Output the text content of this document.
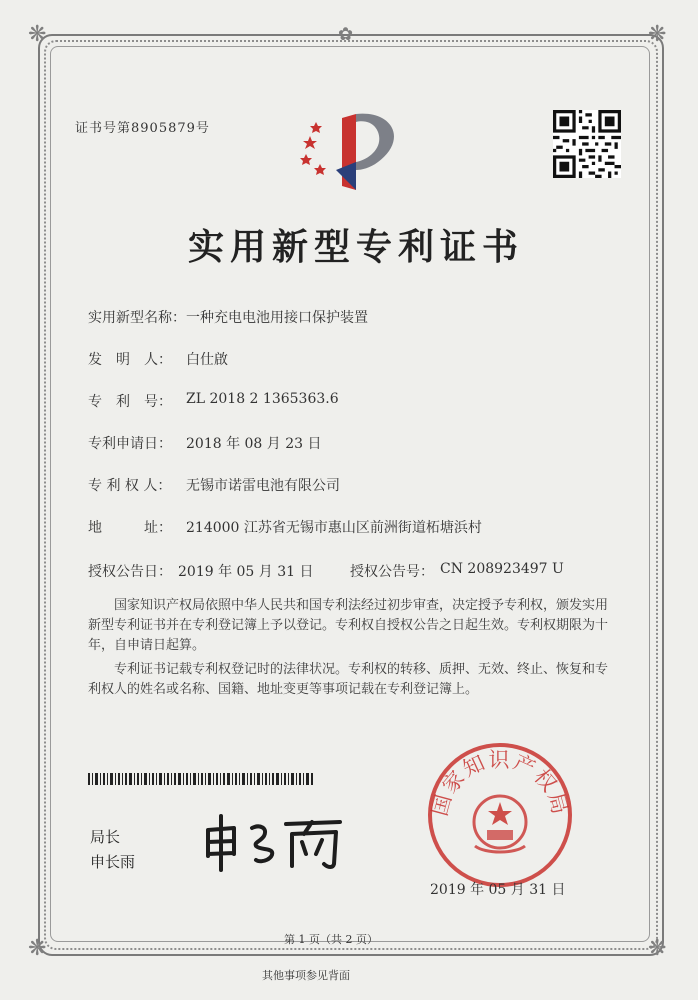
❋	❋
❋	❋
✿
证书号第8905879号
实用新型专利证书
实用新型名称： 一种充电电池用接口保护装置
发　明　人： 白仕啟
专　利　号： ZL 2018 2 1365363.6
专利申请日： 2018 年 08 月 23 日
专 利 权 人： 无锡市诺雷电池有限公司
地　　　址： 214000 江苏省无锡市惠山区前洲街道柘塘浜村
授权公告日： 2019 年 05 月 31 日	授权公告号： CN 208923497 U
国家知识产权局依照中华人民共和国专利法经过初步审查，决定授予专利权，颁发实用
新型专利证书并在专利登记簿上予以登记。专利权自授权公告之日起生效。专利权期限为十
年，自申请日起算。
专利证书记载专利权登记时的法律状况。专利权的转移、质押、无效、终止、恢复和专
利权人的姓名或名称、国籍、地址变更等事项记载在专利登记簿上。
局长
申长雨
国家知识产权局
2019 年 05 月 31 日
第 1 页（共 2 页）
其他事项参见背面
